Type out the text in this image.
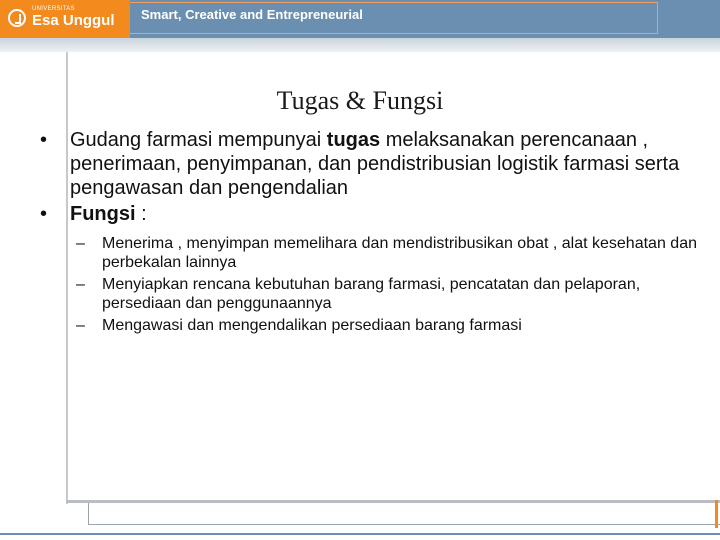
UNIVERSITAS
Esa Unggul Smart, Creative and Entrepreneurial
Tugas & Fungsi
• Gudang farmasi mempunyai tugas melaksanakan perencanaan , penerimaan, penyimpanan, dan pendistribusian logistik farmasi serta pengawasan dan pengendalian
• Fungsi :
– Menerima , menyimpan memelihara dan mendistribusikan obat , alat kesehatan dan perbekalan lainnya
– Menyiapkan rencana kebutuhan barang farmasi, pencatatan dan pelaporan, persediaan dan penggunaannya
– Mengawasi dan mengendalikan persediaan barang farmasi
